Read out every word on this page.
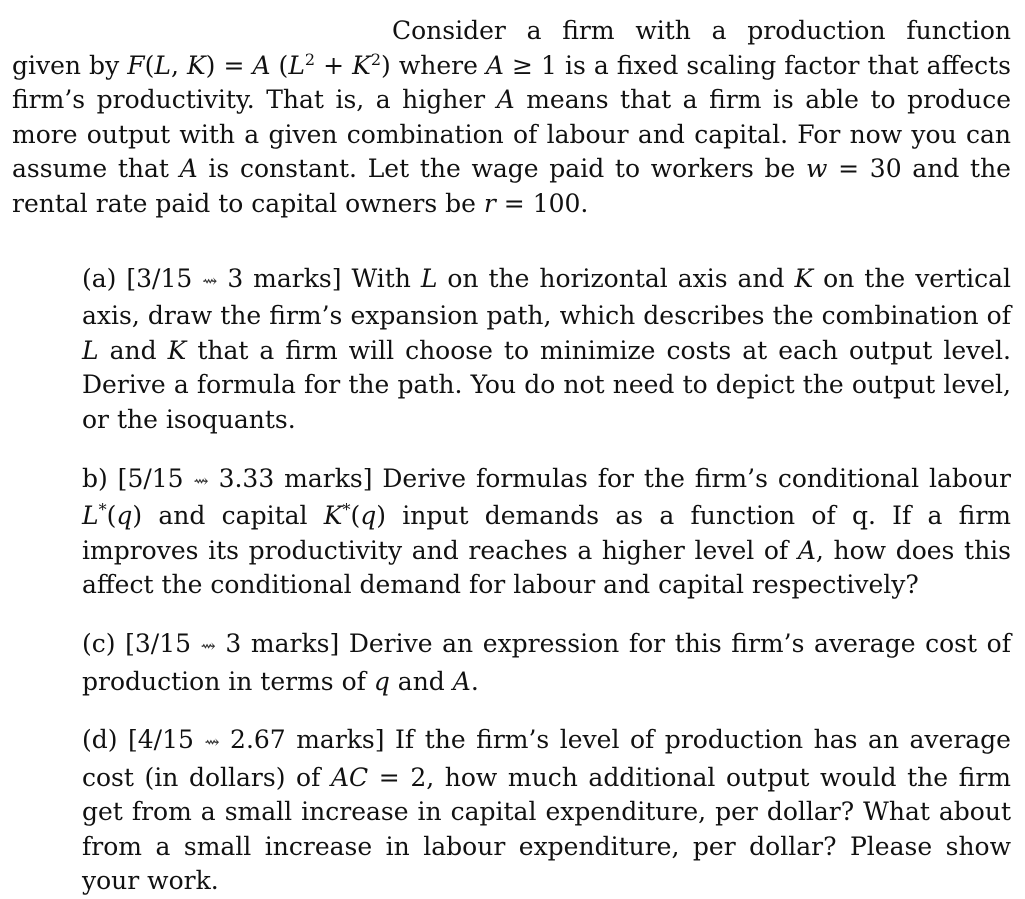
Consider a firm with a production function given by F(L, K) = A $(L^2 + K^2)$ where A ≥ 1 is a fixed scaling factor that affects firm’s productivity. That is, a higher A means that a firm is able to produce more output with a given combination of labour and capital. For now you can assume that A is constant. Let the wage paid to workers be w = 30 and the rental rate paid to capital owners be r = 100.

(a) [3/15 ⇝ 3 marks] With L on the horizontal axis and K on the vertical axis, draw the firm’s expansion path, which describes the combination of L and K that a firm will choose to minimize costs at each output level. Derive a formula for the path. You do not need to depict the output level, or the isoquants.

b) [5/15 ⇝ 3.33 marks] Derive formulas for the firm’s conditional labour L*(q) and capital K*(q) input demands as a function of q. If a firm improves its productivity and reaches a higher level of A, how does this affect the conditional demand for labour and capital respectively?

(c) [3/15 ⇝ 3 marks] Derive an expression for this firm’s average cost of production in terms of q and A.

(d) [4/15 ⇝ 2.67 marks] If the firm’s level of production has an average cost (in dollars) of AC = 2, how much additional output would the firm get from a small increase in capital expenditure, per dollar? What about from a small increase in labour expenditure, per dollar? Please show your work.
